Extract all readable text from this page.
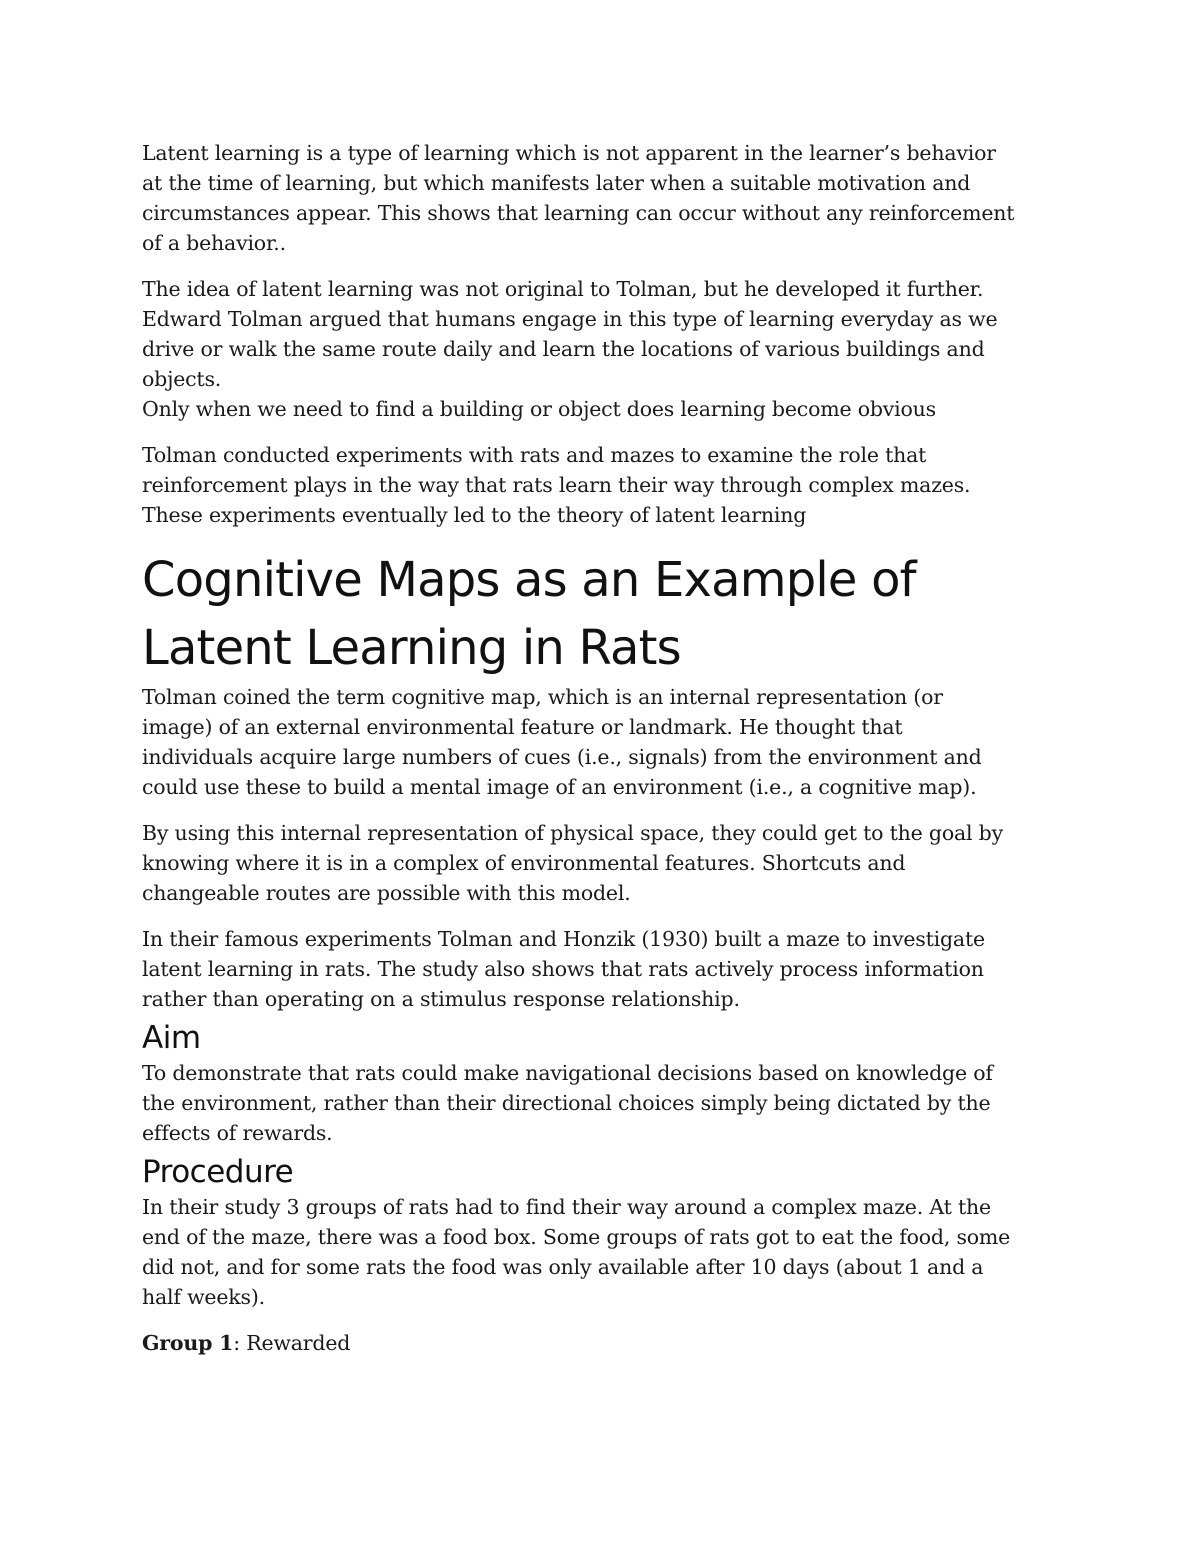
Latent learning is a type of learning which is not apparent in the learner’s behavior
at the time of learning, but which manifests later when a suitable motivation and
circumstances appear. This shows that learning can occur without any reinforcement
of a behavior..

The idea of latent learning was not original to Tolman, but he developed it further.
Edward Tolman argued that humans engage in this type of learning everyday as we
drive or walk the same route daily and learn the locations of various buildings and
objects.
Only when we need to find a building or object does learning become obvious

Tolman conducted experiments with rats and mazes to examine the role that
reinforcement plays in the way that rats learn their way through complex mazes.
These experiments eventually led to the theory of latent learning

Cognitive Maps as an Example of
Latent Learning in Rats

Tolman coined the term cognitive map, which is an internal representation (or
image) of an external environmental feature or landmark. He thought that
individuals acquire large numbers of cues (i.e., signals) from the environment and
could use these to build a mental image of an environment (i.e., a cognitive map).

By using this internal representation of physical space, they could get to the goal by
knowing where it is in a complex of environmental features. Shortcuts and
changeable routes are possible with this model.

In their famous experiments Tolman and Honzik (1930) built a maze to investigate
latent learning in rats. The study also shows that rats actively process information
rather than operating on a stimulus response relationship.

Aim

To demonstrate that rats could make navigational decisions based on knowledge of
the environment, rather than their directional choices simply being dictated by the
effects of rewards.

Procedure

In their study 3 groups of rats had to find their way around a complex maze. At the
end of the maze, there was a food box. Some groups of rats got to eat the food, some
did not, and for some rats the food was only available after 10 days (about 1 and a
half weeks).

Group 1: Rewarded
